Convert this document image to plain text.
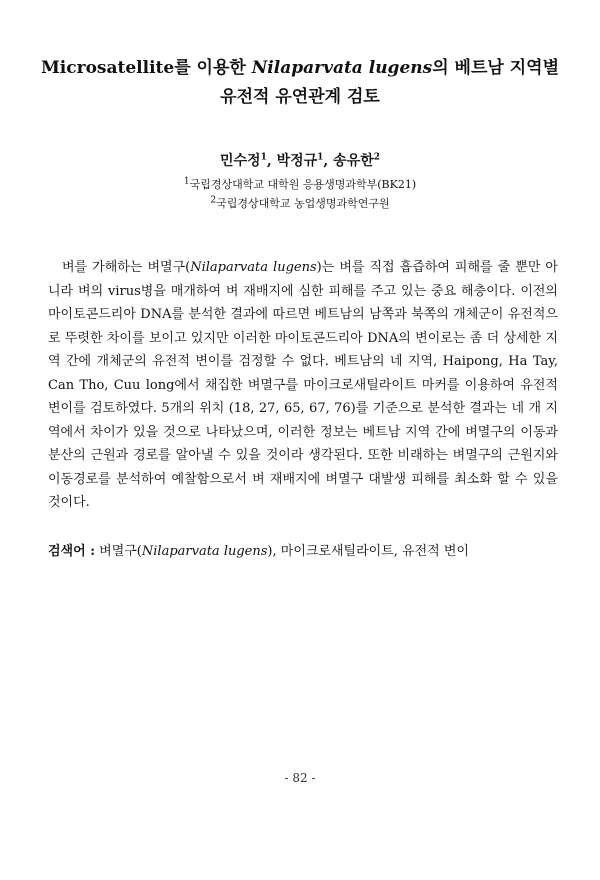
Microsatellite를 이용한 Nilaparvata lugens의 베트남 지역별
유전적 유연관계 검토
민수정$^1$, 박정규$^1$, 송유한$^2$
$^1$국립경상대학교 대학원 응용생명과학부(BK21)
$^2$국립경상대학교 농업생명과학연구원

벼를 가해하는 벼멸구(Nilaparvata lugens)는 벼를 직접 흡즙하여 피해를 줄 뿐만 아니라 벼의 virus병을 매개하여 벼 재배지에 심한 피해를 주고 있는 중요 해충이다. 이전의 마이토콘드리아 DNA를 분석한 결과에 따르면 베트남의 남쪽과 북쪽의 개체군이 유전적으로 뚜렷한 차이를 보이고 있지만 이러한 마이토콘드리아 DNA의 변이로는 좀 더 상세한 지역 간에 개체군의 유전적 변이를 검정할 수 없다. 베트남의 네 지역, Haipong, Ha Tay, Can Tho, Cuu long에서 채집한 벼멸구를 마이크로새틸라이트 마커를 이용하여 유전적 변이를 검토하였다. 5개의 위치 (18, 27, 65, 67, 76)를 기준으로 분석한 결과는 네 개 지역에서 차이가 있을 것으로 나타났으며, 이러한 정보는 베트남 지역 간에 벼멸구의 이동과 분산의 근원과 경로를 알아낼 수 있을 것이라 생각된다. 또한 비래하는 벼멸구의 근원지와 이동경로를 분석하여 예찰함으로서 벼 재배지에 벼멸구 대발생 피해를 최소화 할 수 있을 것이다.

검색어 : 벼멸구(Nilaparvata lugens), 마이크로새틸라이트, 유전적 변이
- 82 -
